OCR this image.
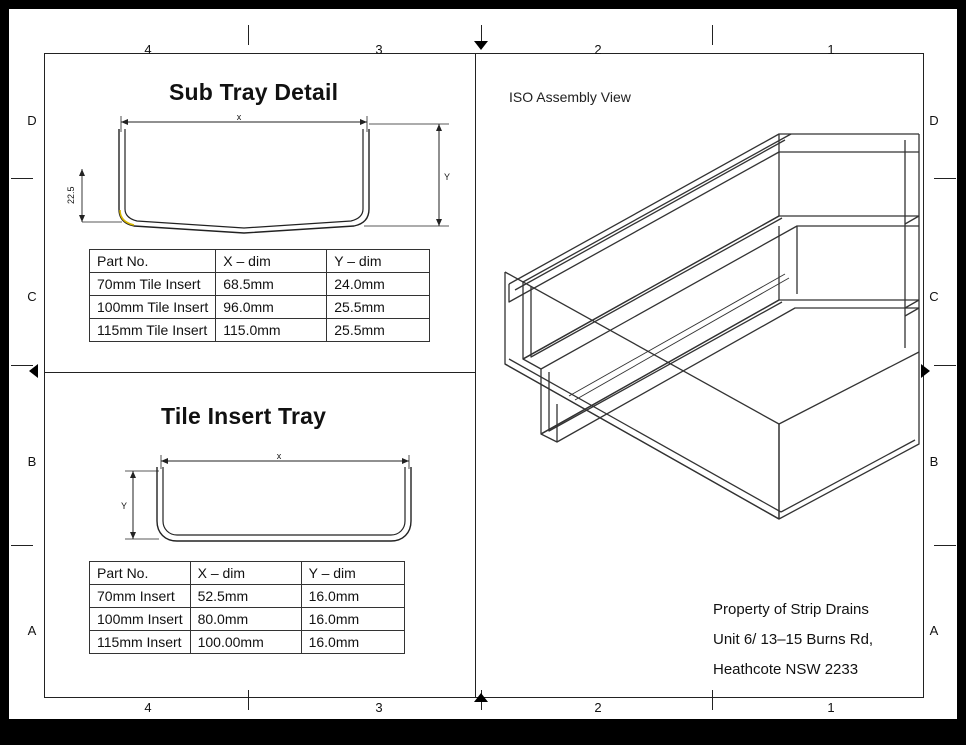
4	3	2	1
4	3	2	1
D
C
B
A
D
C
B
A
Sub Tray Detail
x
Y
22.5
Part No.	X – dim	Y – dim
70mm Tile Insert	68.5mm	24.0mm
100mm Tile Insert	96.0mm	25.5mm
115mm Tile Insert	115.0mm	25.5mm
Tile Insert Tray
x
Y
Part No.	X – dim	Y – dim
70mm Insert	52.5mm	16.0mm
100mm Insert	80.0mm	16.0mm
115mm Insert	100.00mm	16.0mm
ISO Assembly View
Property of Strip Drains
Unit 6/ 13–15 Burns Rd,
Heathcote NSW 2233
